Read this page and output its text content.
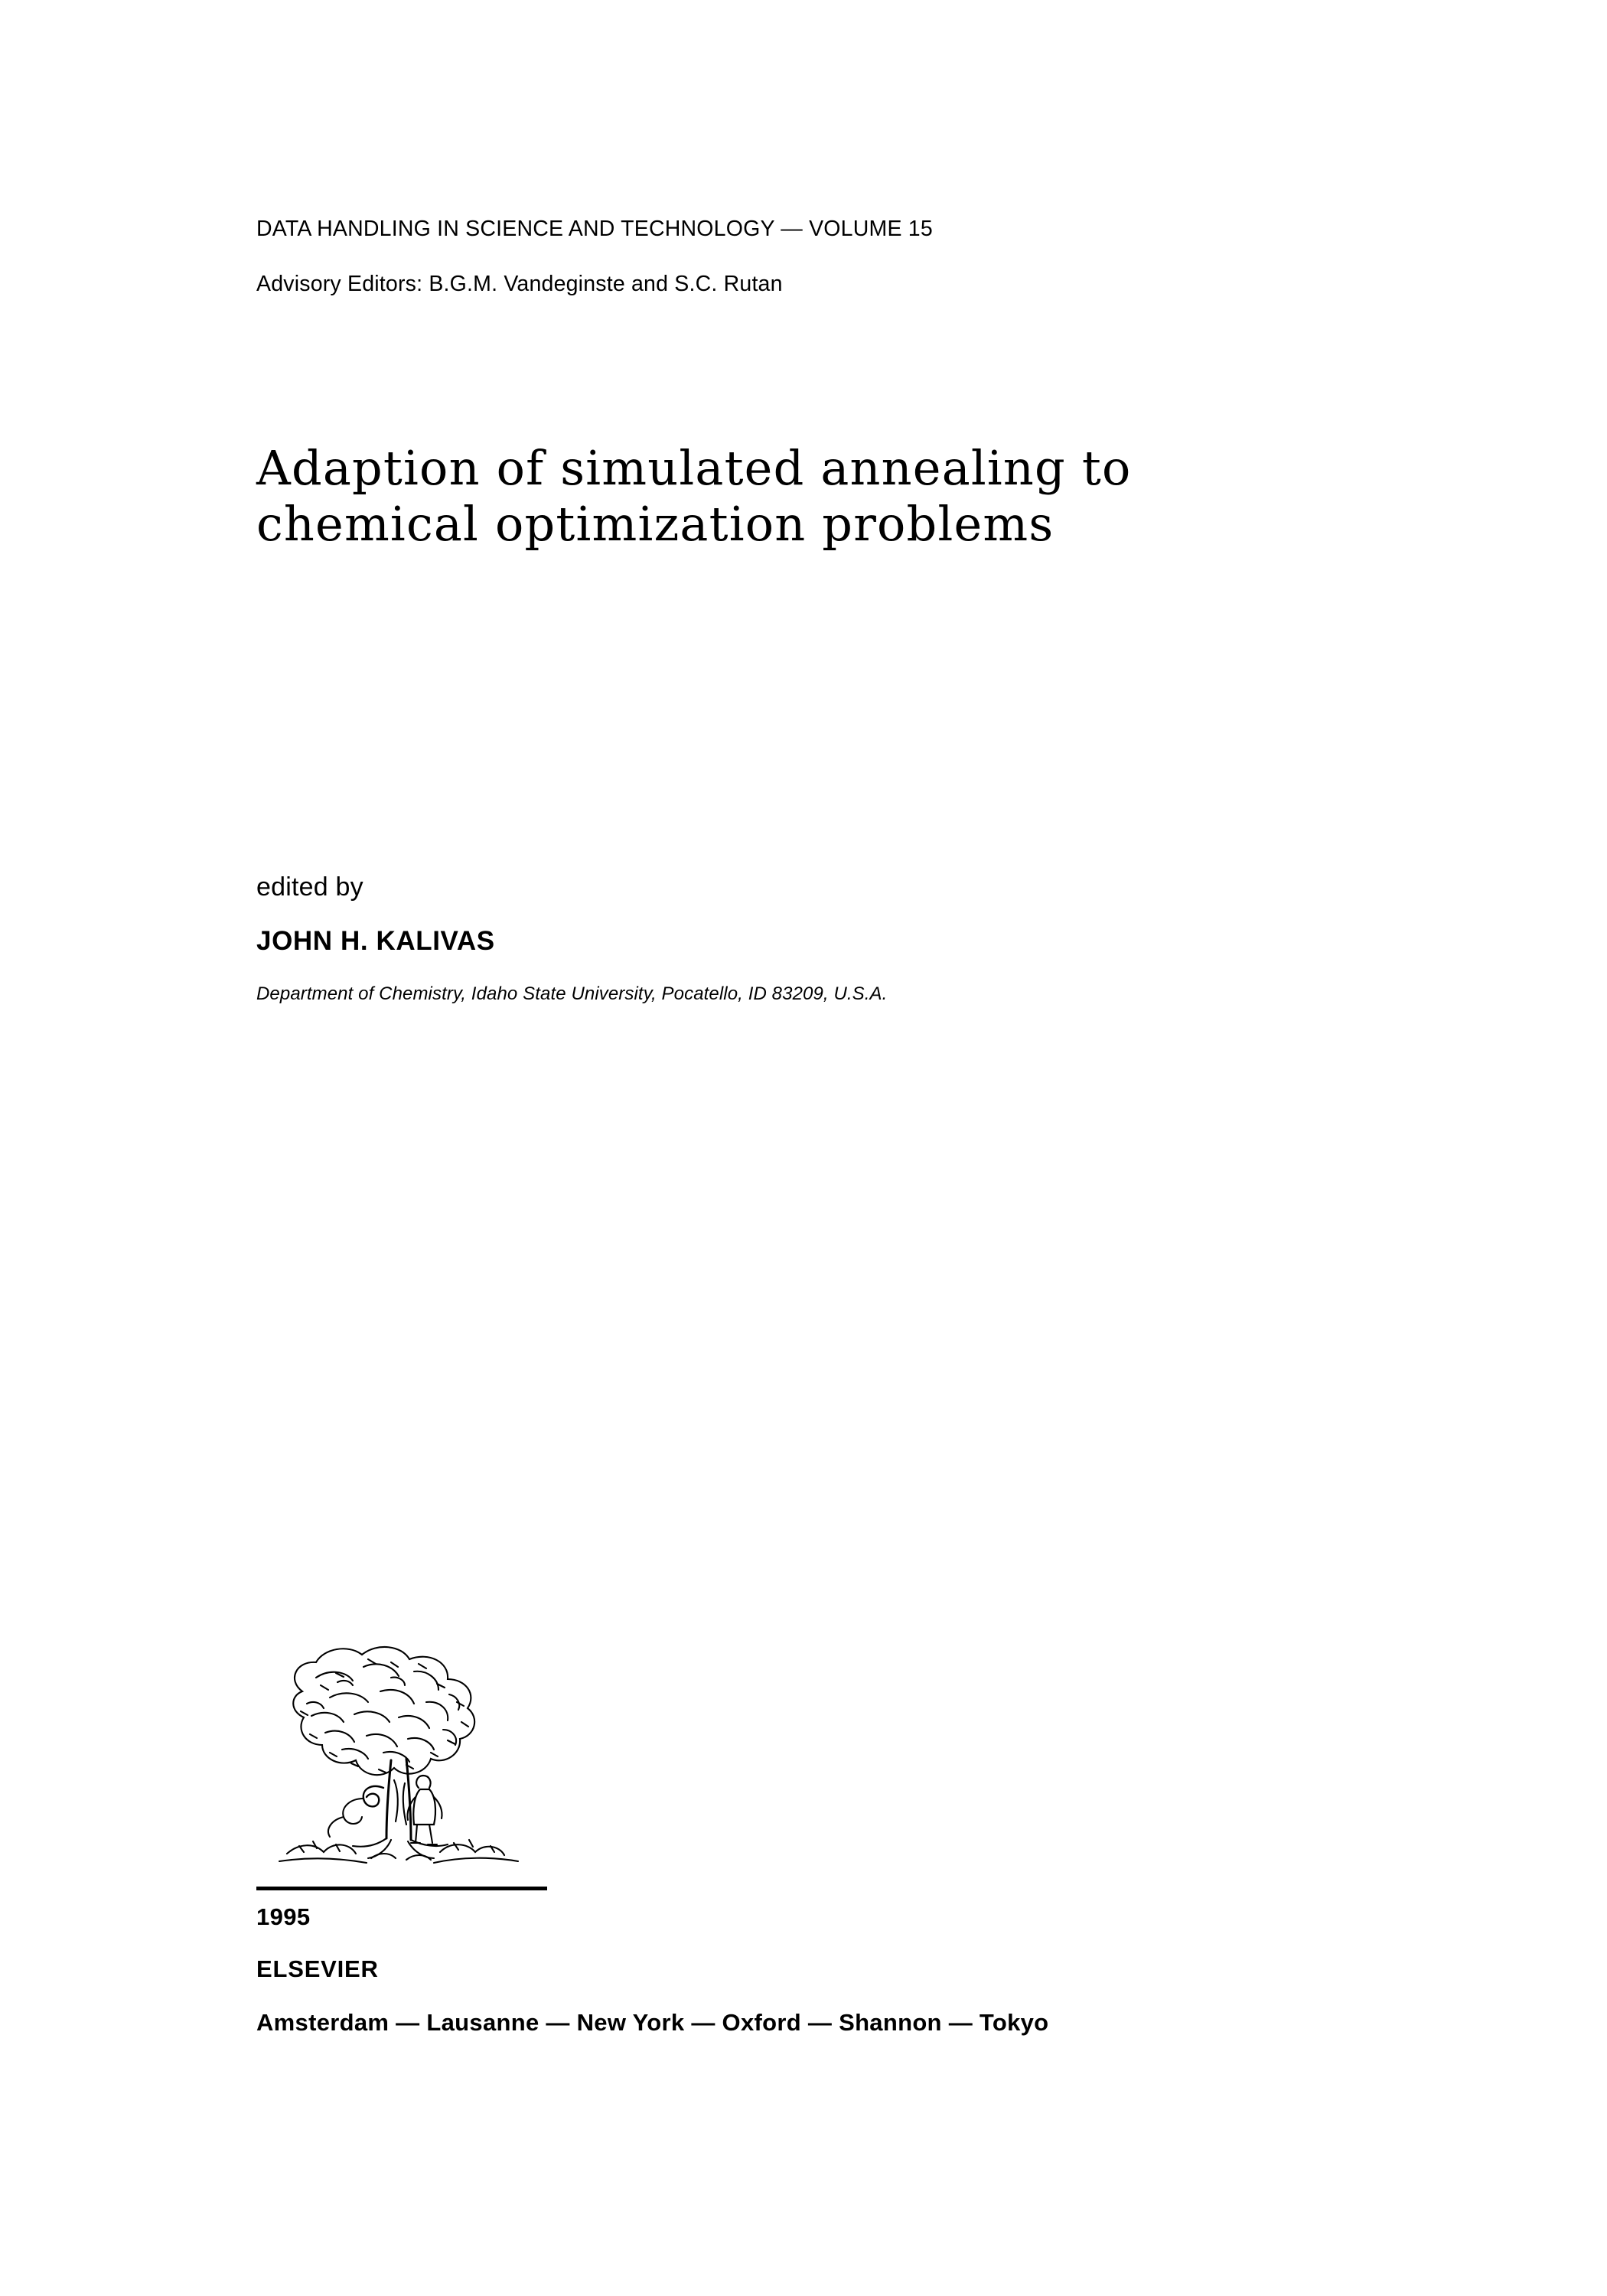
DATA HANDLING IN SCIENCE AND TECHNOLOGY — VOLUME 15
Advisory Editors: B.G.M. Vandeginste and S.C. Rutan
Adaption of simulated annealing to
chemical optimization problems
edited by
JOHN H. KALIVAS
Department of Chemistry, Idaho State University, Pocatello, ID 83209, U.S.A.
1995
ELSEVIER
Amsterdam — Lausanne — New York — Oxford — Shannon — Tokyo
